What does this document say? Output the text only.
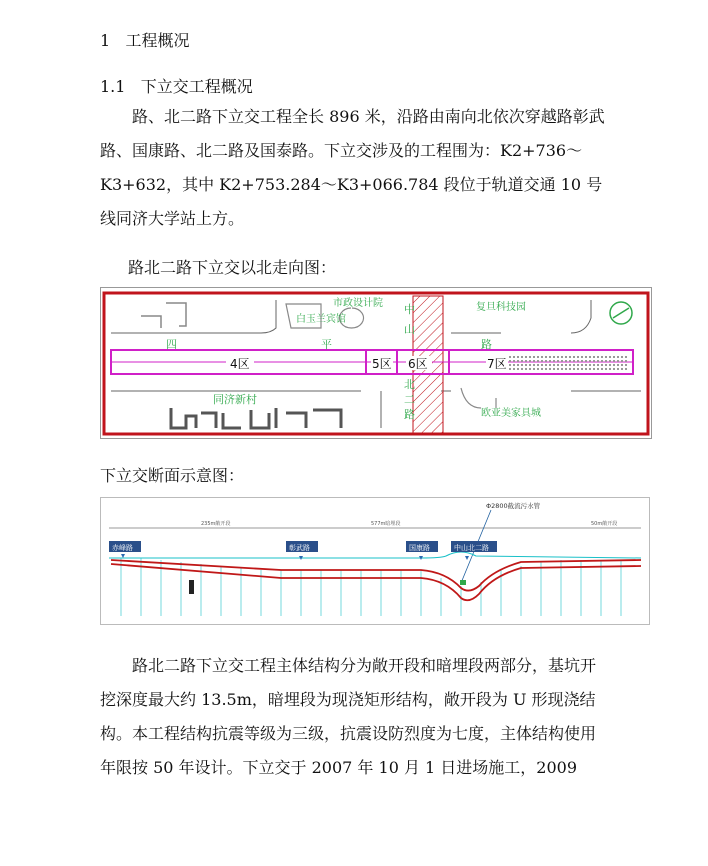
1   工程概况
1.1   下立交工程概况
路、北二路下立交工程全长 896 米，沿路由南向北依次穿越路彰武路、国康路、北二路及国泰路。下立交涉及的工程围为：K2+736～K3+632，其中 K2+753.284～K3+066.784 段位于轨道交通 10 号线同济大学站上方。
路北二路下立交以北走向图：
4区	5区 6区	7区
四	平	路
中
山
北
二
路
市政设计院
白玉兰宾馆
复旦科技园
同济新村
欧亚美家具城
下立交断面示意图：
235m敞开段	577m暗埋段	50m敞开段
Φ2800截流污水管
赤峰路	彰武路	国康路	中山北二路
路北二路下立交工程主体结构分为敞开段和暗埋段两部分，基坑开挖深度最大约 13.5m，暗埋段为现浇矩形结构，敞开段为 U 形现浇结构。本工程结构抗震等级为三级，抗震设防烈度为七度，主体结构使用年限按 50 年设计。下立交于 2007 年 10 月 1 日进场施工，2009
